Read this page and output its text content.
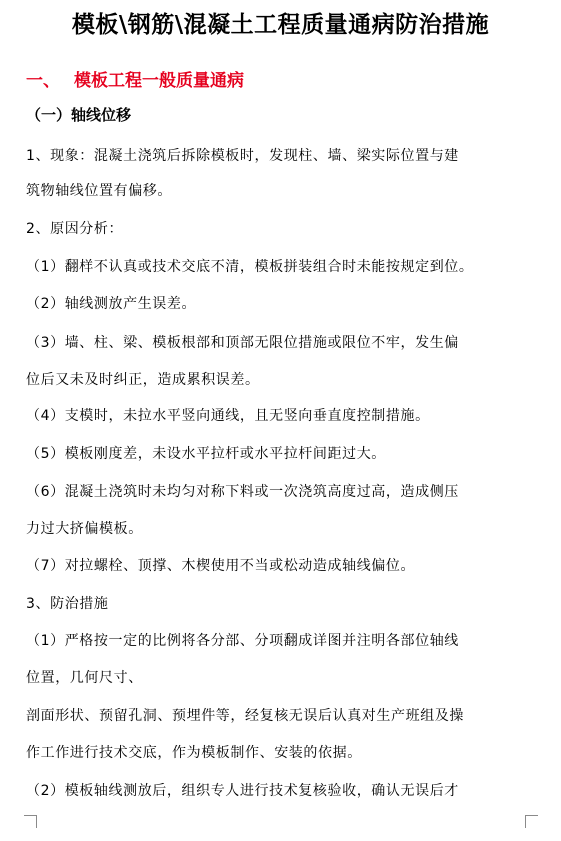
模板\钢筋\混凝土工程质量通病防治措施
一、 模板工程一般质量通病
（一）轴线位移
1、现象：混凝土浇筑后拆除模板时，发现柱、墙、梁实际位置与建
筑物轴线位置有偏移。
2、原因分析：
（1）翻样不认真或技术交底不清，模板拼装组合时未能按规定到位。
（2）轴线测放产生误差。
（3）墙、柱、梁、模板根部和顶部无限位措施或限位不牢，发生偏
位后又未及时纠正，造成累积误差。
（4）支模时，未拉水平竖向通线，且无竖向垂直度控制措施。
（5）模板刚度差，未设水平拉杆或水平拉杆间距过大。
（6）混凝土浇筑时未均匀对称下料或一次浇筑高度过高，造成侧压
力过大挤偏模板。
（7）对拉螺栓、顶撑、木楔使用不当或松动造成轴线偏位。
3、防治措施
（1）严格按一定的比例将各分部、分项翻成详图并注明各部位轴线
位置，几何尺寸、
剖面形状、预留孔洞、预埋件等，经复核无误后认真对生产班组及操
作工作进行技术交底，作为模板制作、安装的依据。
（2）模板轴线测放后，组织专人进行技术复核验收，确认无误后才
